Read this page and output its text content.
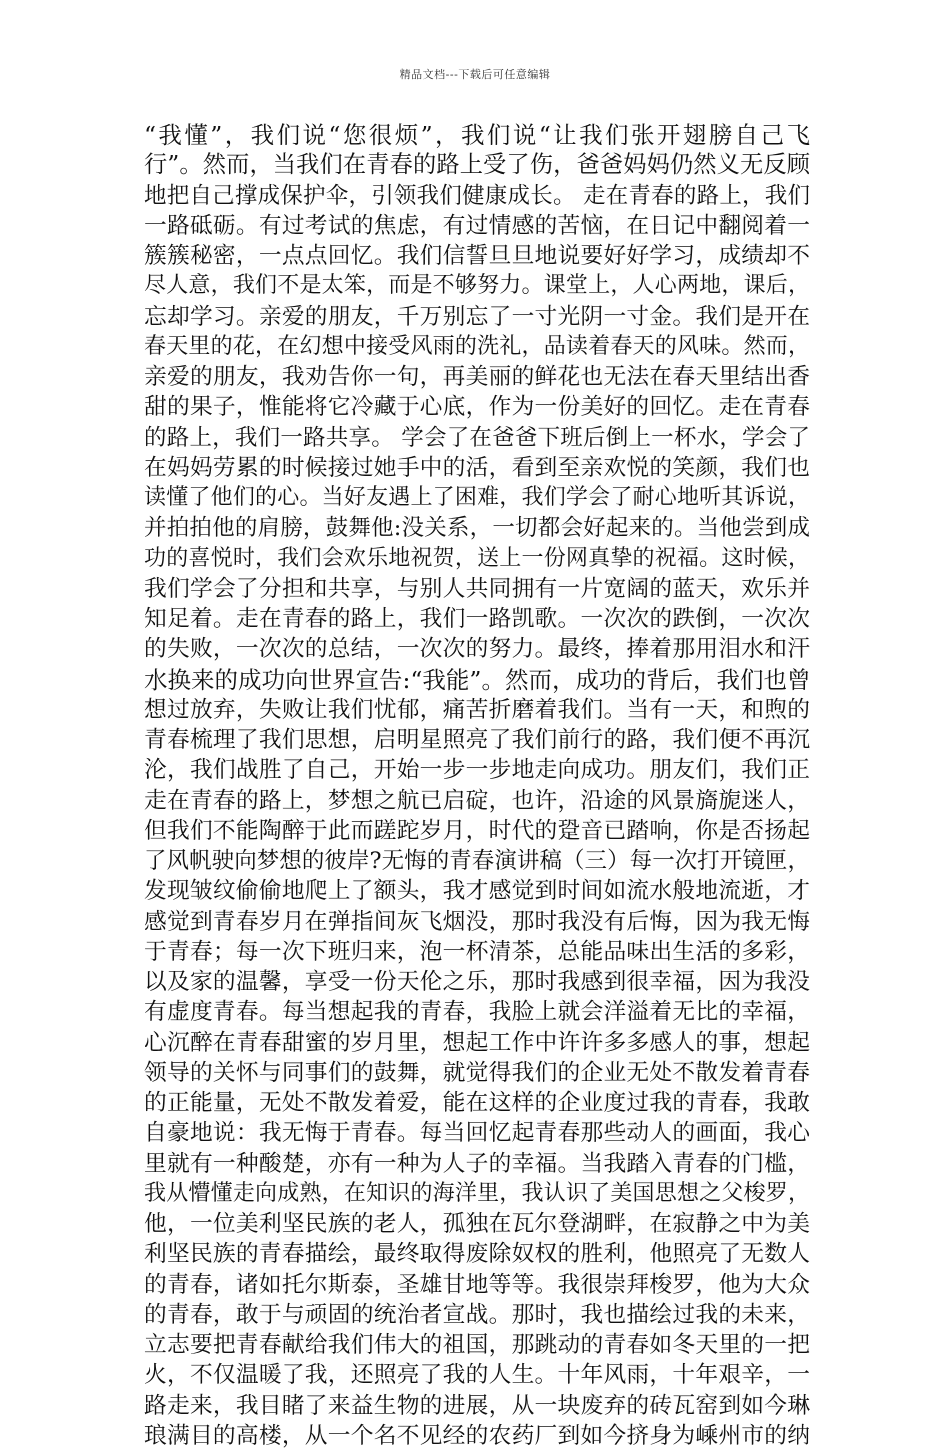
精品文档---下载后可任意编辑
“我懂”，我们说“您很烦”，我们说“让我们张开翅膀自己飞
行”。然而，当我们在青春的路上受了伤，爸爸妈妈仍然义无反顾
地把自己撑成保护伞，引领我们健康成长。 走在青春的路上，我们
一路砥砺。有过考试的焦虑，有过情感的苦恼，在日记中翻阅着一
簇簇秘密，一点点回忆。我们信誓旦旦地说要好好学习，成绩却不
尽人意，我们不是太笨，而是不够努力。课堂上，人心两地，课后，
忘却学习。亲爱的朋友，千万别忘了一寸光阴一寸金。我们是开在
春天里的花，在幻想中接受风雨的洗礼，品读着春天的风味。然而，
亲爱的朋友，我劝告你一句，再美丽的鲜花也无法在春天里结出香
甜的果子，惟能将它冷藏于心底，作为一份美好的回忆。走在青春
的路上，我们一路共享。 学会了在爸爸下班后倒上一杯水，学会了
在妈妈劳累的时候接过她手中的活，看到至亲欢悦的笑颜，我们也
读懂了他们的心。当好友遇上了困难，我们学会了耐心地听其诉说，
并拍拍他的肩膀，鼓舞他:没关系，一切都会好起来的。当他尝到成
功的喜悦时，我们会欢乐地祝贺，送上一份网真挚的祝福。这时候，
我们学会了分担和共享，与别人共同拥有一片宽阔的蓝天，欢乐并
知足着。走在青春的路上，我们一路凯歌。一次次的跌倒，一次次
的失败，一次次的总结，一次次的努力。最终，捧着那用泪水和汗
水换来的成功向世界宣告:“我能”。然而，成功的背后，我们也曾
想过放弃，失败让我们忧郁，痛苦折磨着我们。当有一天，和煦的
青春梳理了我们思想，启明星照亮了我们前行的路，我们便不再沉
沦，我们战胜了自己，开始一步一步地走向成功。朋友们，我们正
走在青春的路上，梦想之航已启碇，也许，沿途的风景旖旎迷人，
但我们不能陶醉于此而蹉跎岁月，时代的跫音已踏响，你是否扬起
了风帆驶向梦想的彼岸?无悔的青春演讲稿（三）每一次打开镜匣，
发现皱纹偷偷地爬上了额头，我才感觉到时间如流水般地流逝，才
感觉到青春岁月在弹指间灰飞烟没，那时我没有后悔，因为我无悔
于青春；每一次下班归来，泡一杯清茶，总能品味出生活的多彩，
以及家的温馨，享受一份天伦之乐，那时我感到很幸福，因为我没
有虚度青春。每当想起我的青春，我脸上就会洋溢着无比的幸福，
心沉醉在青春甜蜜的岁月里，想起工作中许许多多感人的事，想起
领导的关怀与同事们的鼓舞，就觉得我们的企业无处不散发着青春
的正能量，无处不散发着爱，能在这样的企业度过我的青春，我敢
自豪地说：我无悔于青春。每当回忆起青春那些动人的画面，我心
里就有一种酸楚，亦有一种为人子的幸福。当我踏入青春的门槛，
我从懵懂走向成熟，在知识的海洋里，我认识了美国思想之父梭罗，
他，一位美利坚民族的老人，孤独在瓦尔登湖畔，在寂静之中为美
利坚民族的青春描绘，最终取得废除奴权的胜利，他照亮了无数人
的青春，诸如托尔斯泰，圣雄甘地等等。我很崇拜梭罗，他为大众
的青春，敢于与顽固的统治者宣战。那时，我也描绘过我的未来，
立志要把青春献给我们伟大的祖国，那跳动的青春如冬天里的一把
火，不仅温暖了我，还照亮了我的人生。十年风雨，十年艰辛，一
路走来，我目睹了来益生物的进展，从一块废弃的砖瓦窑到如今琳
琅满目的高楼，从一个名不见经的农药厂到如今挤身为嵊州市的纳
